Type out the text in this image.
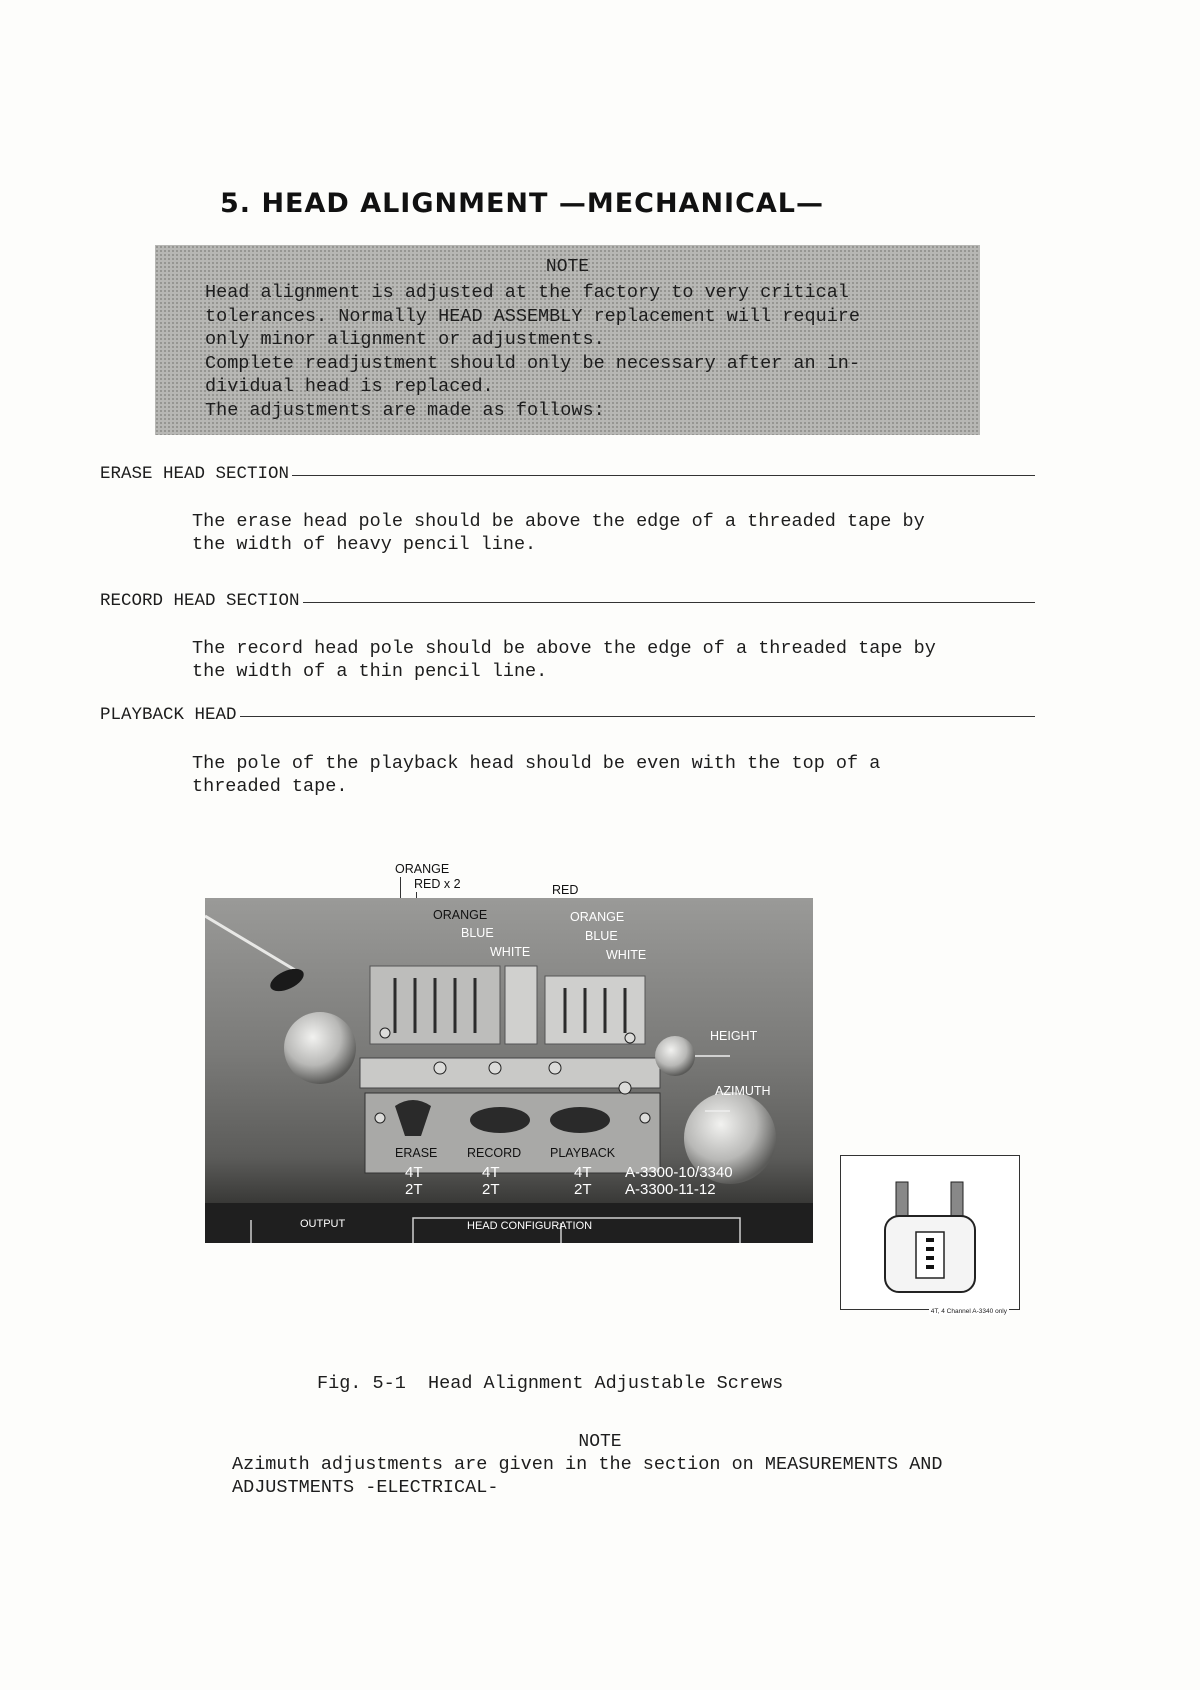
5. HEAD ALIGNMENT —MECHANICAL—
NOTE
Head alignment is adjusted at the factory to very critical
tolerances. Normally HEAD ASSEMBLY replacement will require
only minor alignment or adjustments.
Complete readjustment should only be necessary after an in-
dividual head is replaced.
The adjustments are made as follows:
ERASE HEAD SECTION
The erase head pole should be above the edge of a threaded tape by
the width of heavy pencil line.
RECORD HEAD SECTION
The record head pole should be above the edge of a threaded tape by
the width of a thin pencil line.
PLAYBACK HEAD
The pole of the playback head should be even with the top of a
threaded tape.
ORANGE
RED x 2	RED
ORANGE
BLUE
WHITE
ORANGE
BLUE
WHITE
HEIGHT
AZIMUTH
ERASE RECORD PLAYBACK
4T	4T	4T
2T	2T	2T
A-3300-10/3340
A-3300-11-12
OUTPUT	HEAD CONFIGURATION
4T, 4 Channel A-3340 only
Fig. 5-1  Head Alignment Adjustable Screws
NOTE
Azimuth adjustments are given in the section on MEASUREMENTS AND
ADJUSTMENTS -ELECTRICAL-
